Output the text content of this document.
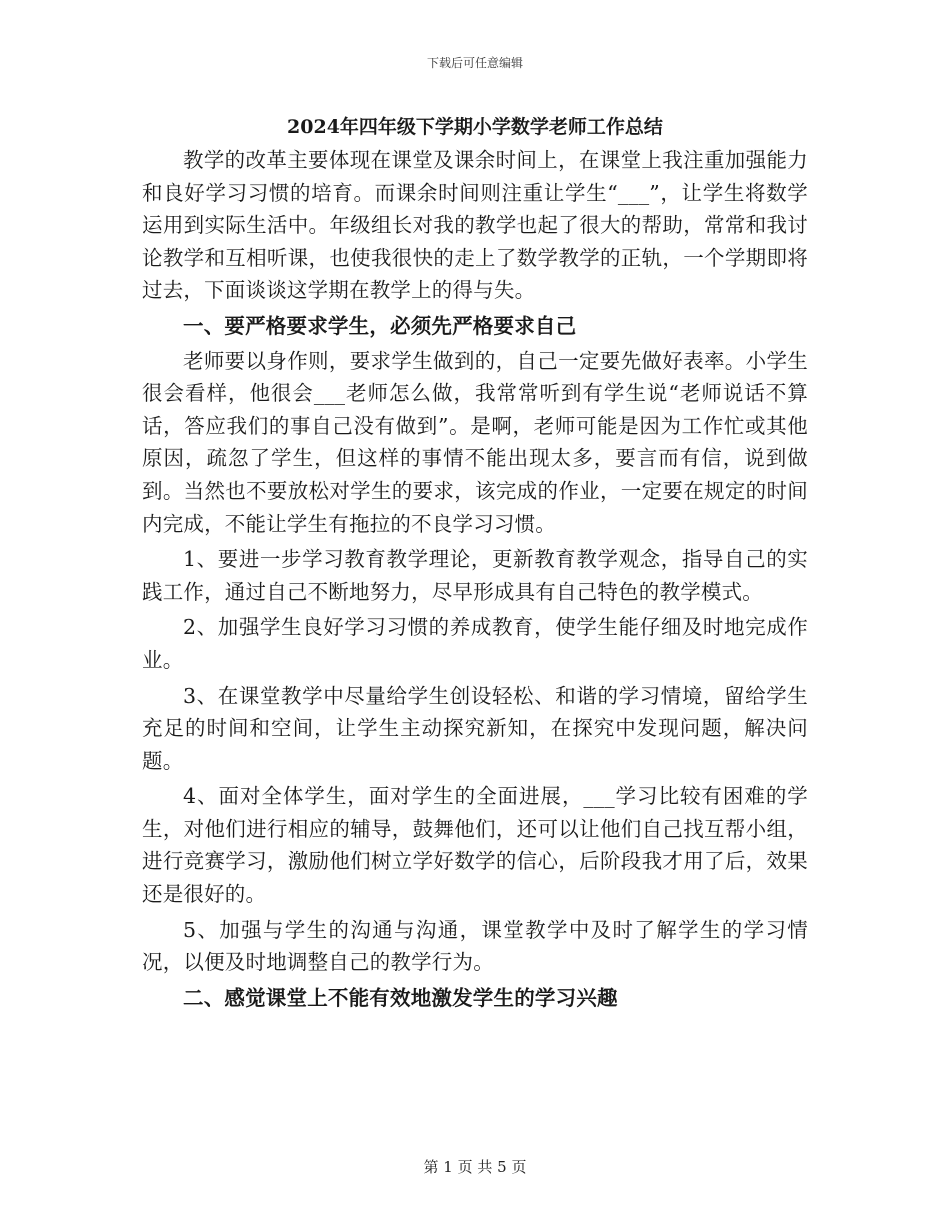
下载后可任意编辑
2024年四年级下学期小学数学老师工作总结

教学的改革主要体现在课堂及课余时间上，在课堂上我注重加强能力和良好学习习惯的培育。而课余时间则注重让学生“___”，让学生将数学运用到实际生活中。年级组长对我的教学也起了很大的帮助，常常和我讨论教学和互相听课，也使我很快的走上了数学教学的正轨，一个学期即将过去，下面谈谈这学期在教学上的得与失。

一、要严格要求学生，必须先严格要求自己

老师要以身作则，要求学生做到的，自己一定要先做好表率。小学生很会看样，他很会___老师怎么做，我常常听到有学生说“老师说话不算话，答应我们的事自己没有做到”。是啊，老师可能是因为工作忙或其他原因，疏忽了学生，但这样的事情不能出现太多，要言而有信，说到做到。当然也不要放松对学生的要求，该完成的作业，一定要在规定的时间内完成，不能让学生有拖拉的不良学习习惯。

1、要进一步学习教育教学理论，更新教育教学观念，指导自己的实践工作，通过自己不断地努力，尽早形成具有自己特色的教学模式。

2、加强学生良好学习习惯的养成教育，使学生能仔细及时地完成作业。

3、在课堂教学中尽量给学生创设轻松、和谐的学习情境，留给学生充足的时间和空间，让学生主动探究新知，在探究中发现问题，解决问题。

4、面对全体学生，面对学生的全面进展，___学习比较有困难的学生，对他们进行相应的辅导，鼓舞他们，还可以让他们自己找互帮小组，进行竞赛学习，激励他们树立学好数学的信心，后阶段我才用了后，效果还是很好的。

5、加强与学生的沟通与沟通，课堂教学中及时了解学生的学习情况，以便及时地调整自己的教学行为。

二、感觉课堂上不能有效地激发学生的学习兴趣

第 1 页 共 5 页
